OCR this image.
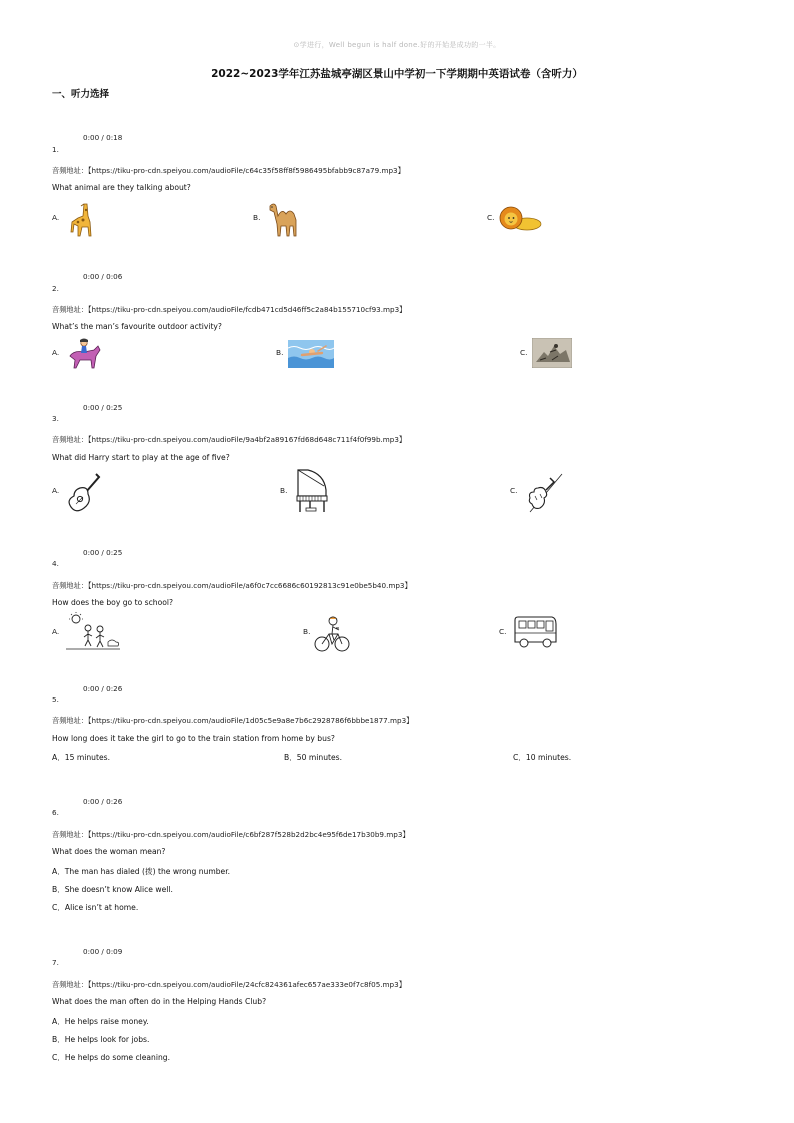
⊙学进行，Well begun is half done.好的开始是成功的一半。
2022~2023学年江苏盐城亭湖区景山中学初一下学期期中英语试卷（含听力）
一、听力选择
0:00 / 0:18
1.
音频地址：【https://tiku-pro-cdn.speiyou.com/audioFile/c64c35f58ff8f5986495bfabb9c87a79.mp3】
What animal are they talking about?
A.	B.	C.
0:00 / 0:06
2.
音频地址：【https://tiku-pro-cdn.speiyou.com/audioFile/fcdb471cd5d46ff5c2a84b155710cf93.mp3】
What’s the man’s favourite outdoor activity?
A.	B.	C.
0:00 / 0:25
3.
音频地址：【https://tiku-pro-cdn.speiyou.com/audioFile/9a4bf2a89167fd68d648c711f4f0f99b.mp3】
What did Harry start to play at the age of five?
A.	B.	C.
0:00 / 0:25
4.
音频地址：【https://tiku-pro-cdn.speiyou.com/audioFile/a6f0c7cc6686c60192813c91e0be5b40.mp3】
How does the boy go to school?
A.	B.	C.
0:00 / 0:26
5.
音频地址：【https://tiku-pro-cdn.speiyou.com/audioFile/1d05c5e9a8e7b6c2928786f6bbbe1877.mp3】
How long does it take the girl to go to the train station from home by bus?
A．15 minutes.	B．50 minutes.	C．10 minutes.
0:00 / 0:26
6.
音频地址：【https://tiku-pro-cdn.speiyou.com/audioFile/c6bf287f528b2d2bc4e95f6de17b30b9.mp3】
What does the woman mean?
A．The man has dialed (拨) the wrong number.
B．She doesn’t know Alice well.
C．Alice isn’t at home.
0:00 / 0:09
7.
音频地址：【https://tiku-pro-cdn.speiyou.com/audioFile/24cfc824361afec657ae333e0f7c8f05.mp3】
What does the man often do in the Helping Hands Club?
A．He helps raise money.
B．He helps look for jobs.
C．He helps do some cleaning.
